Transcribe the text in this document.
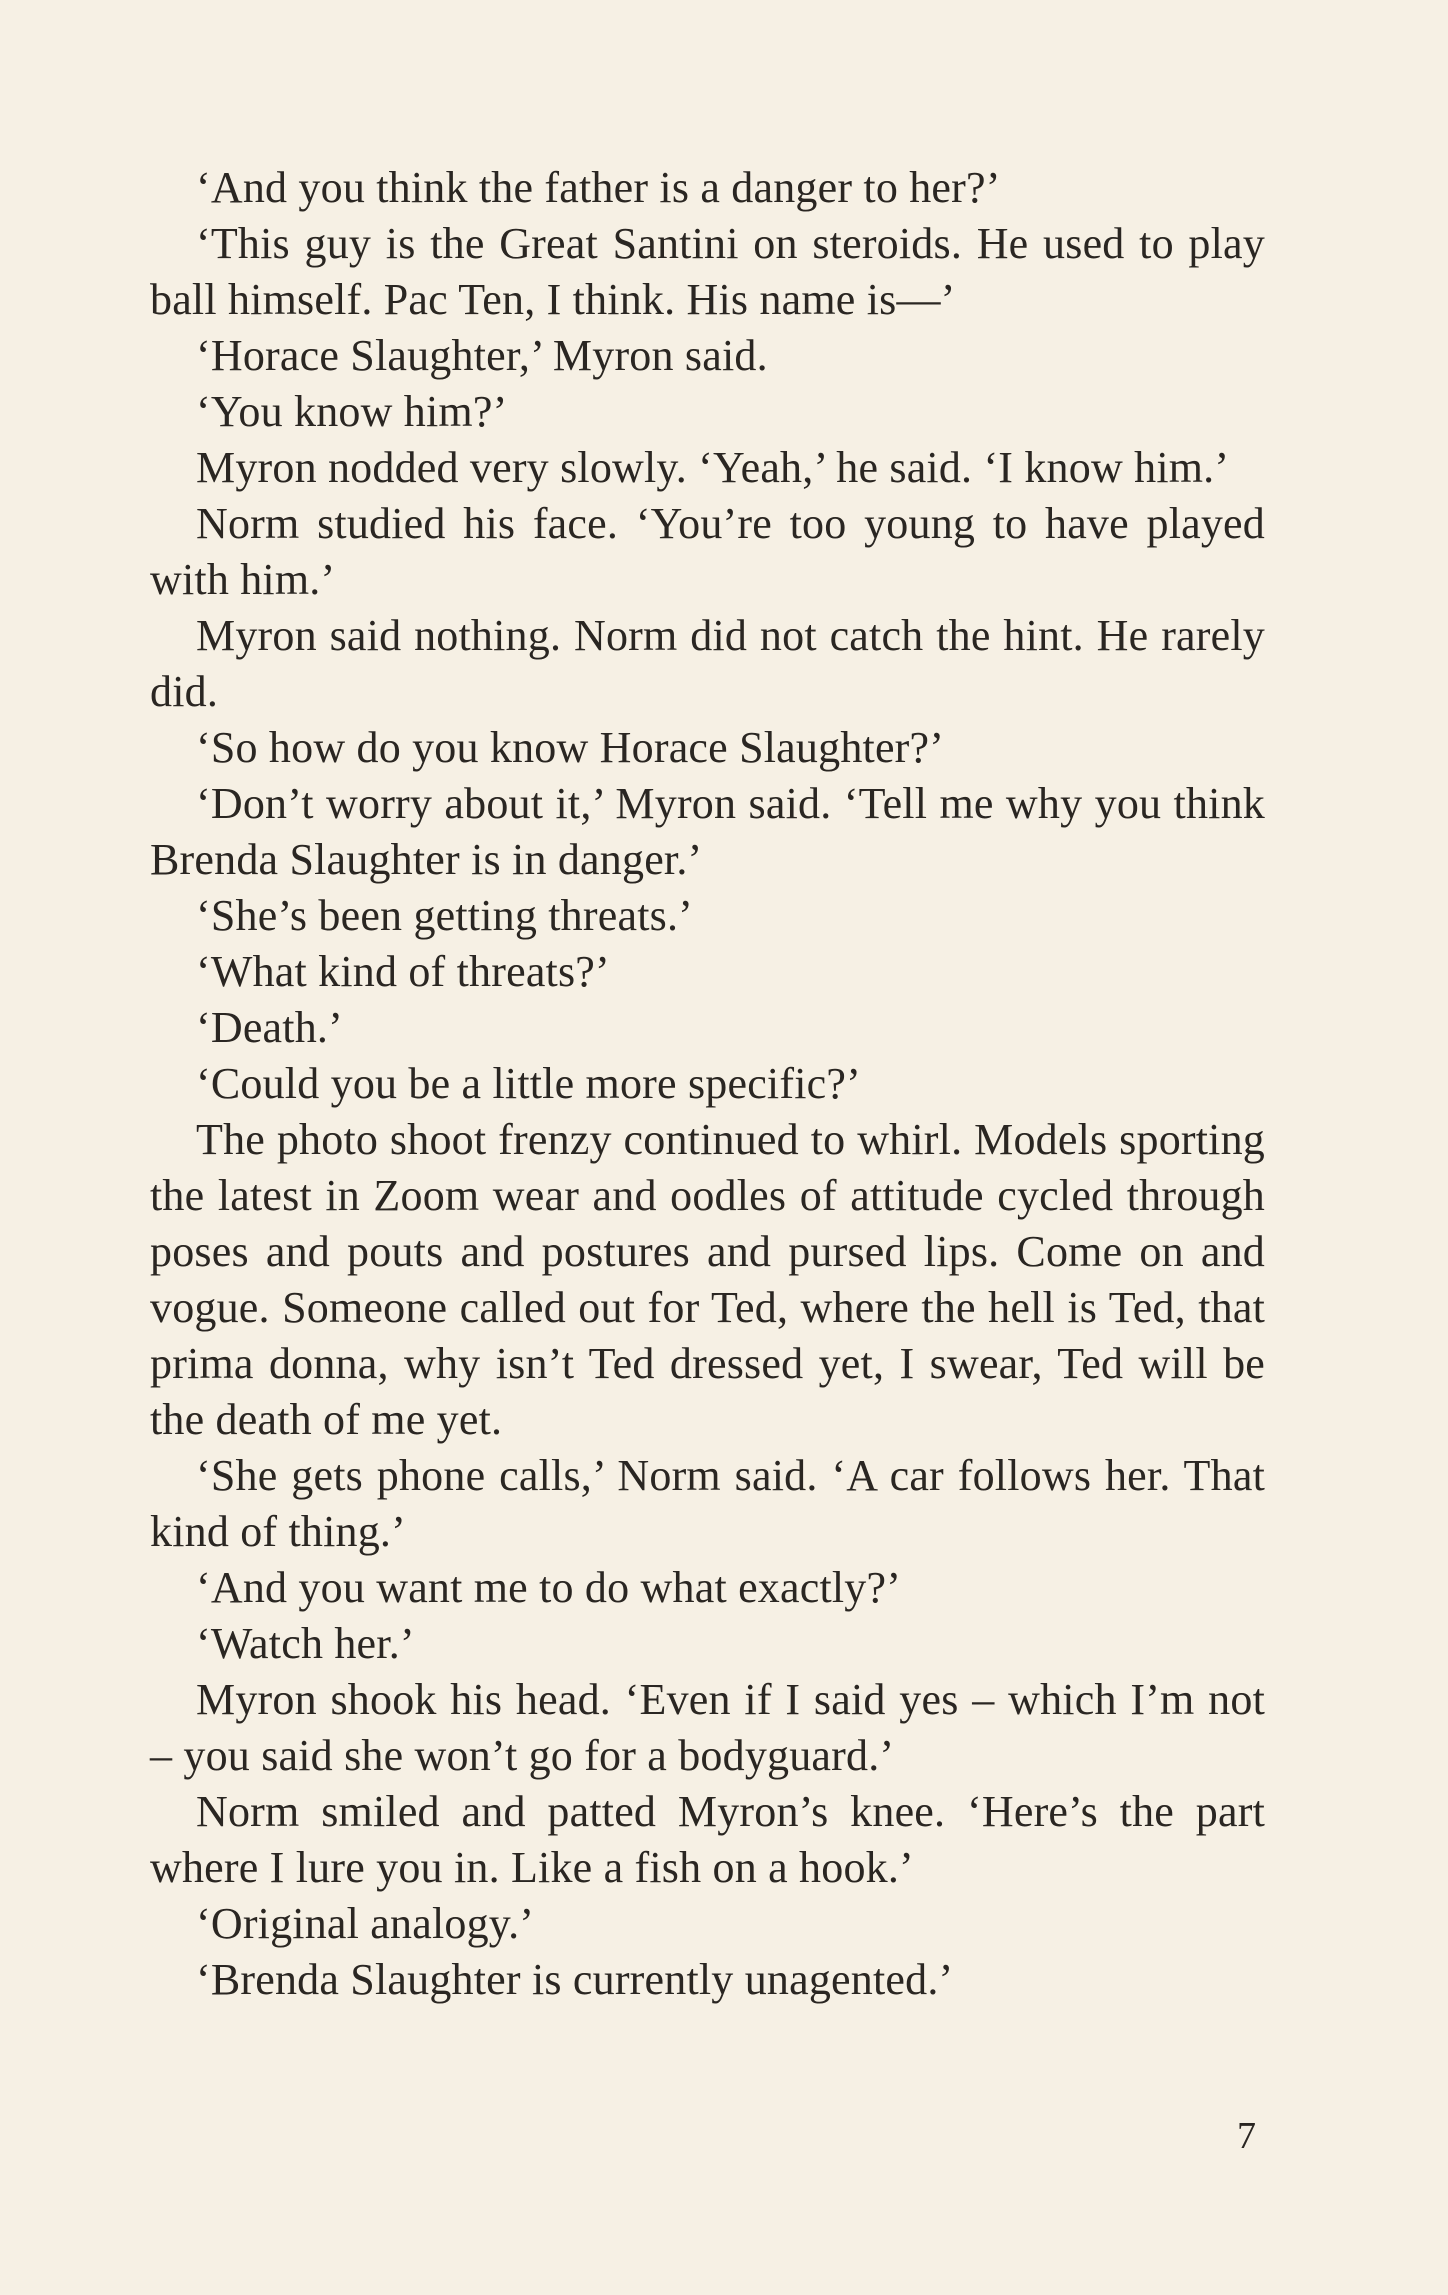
‘And you think the father is a danger to her?’

‘This guy is the Great Santini on steroids. He used to play ball himself. Pac Ten, I think. His name is—’

‘Horace Slaughter,’ Myron said.

‘You know him?’

Myron nodded very slowly. ‘Yeah,’ he said. ‘I know him.’

Norm studied his face. ‘You’re too young to have played with him.’

Myron said nothing. Norm did not catch the hint. He rarely did.

‘So how do you know Horace Slaughter?’

‘Don’t worry about it,’ Myron said. ‘Tell me why you think Brenda Slaughter is in danger.’

‘She’s been getting threats.’

‘What kind of threats?’

‘Death.’

‘Could you be a little more specific?’

The photo shoot frenzy continued to whirl. Models sporting the latest in Zoom wear and oodles of attitude cycled through poses and pouts and postures and pursed lips. Come on and vogue. Someone called out for Ted, where the hell is Ted, that prima donna, why isn’t Ted dressed yet, I swear, Ted will be the death of me yet.

‘She gets phone calls,’ Norm said. ‘A car follows her. That kind of thing.’

‘And you want me to do what exactly?’

‘Watch her.’

Myron shook his head. ‘Even if I said yes – which I’m not – you said she won’t go for a bodyguard.’

Norm smiled and patted Myron’s knee. ‘Here’s the part where I lure you in. Like a fish on a hook.’

‘Original analogy.’

‘Brenda Slaughter is currently unagented.’

7
